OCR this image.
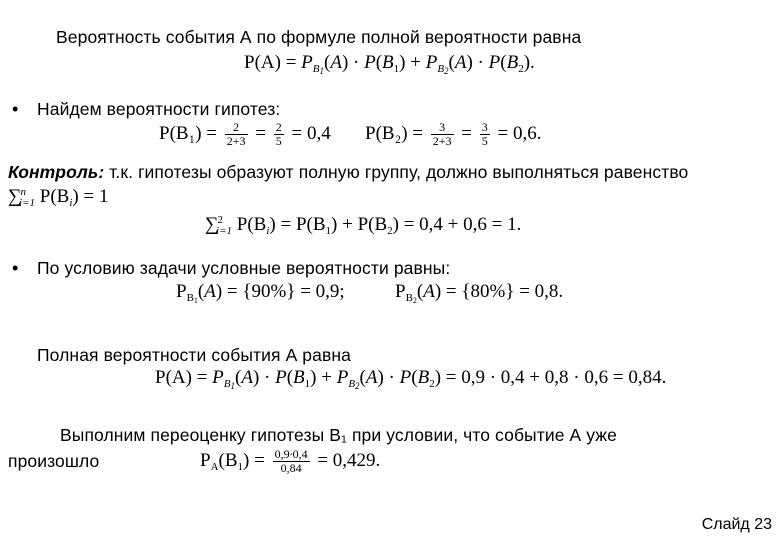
Вероятность события А по формуле полной вероятности равна
$P(A) = P_{B_1}(A) \cdot P(B_1) + P_{B_2}(A) \cdot P(B_2)$.
• Найдем вероятности гипотез:
$P(B_1) = \frac{2}{2+3} = \frac{2}{5} = 0,4$ $P(B_2) = \frac{3}{2+3} = \frac{3}{5} = 0,6$.
Контроль: т.к. гипотезы образуют полную группу, должно выполняться равенство
∑$^n_{i=1}$ $P(B_i) = 1$
∑$^2_{i=1}$ $P(B_i) = P(B_1) + P(B_2) = 0,4 + 0,6 = 1$.
• По условию задачи условные вероятности равны:
$P_{B_1}(A) = \{90\%\} = 0,9$;	$P_{B_2}(A) = \{80\%\} = 0,8$.
Полная вероятности события А равна
$P(A) = P_{B_1}(A) \cdot P(B_1) + P_{B_2}(A) \cdot P(B_2) = 0,9 \cdot 0,4 + 0,8 \cdot 0,6 = 0,84$.
Выполним переоценку гипотезы B₁ при условии, что событие А уже
произошло	$P_A(B_1) = \frac{0,9\cdot 0,4}{0,84} = 0,429$.
Слайд 23
